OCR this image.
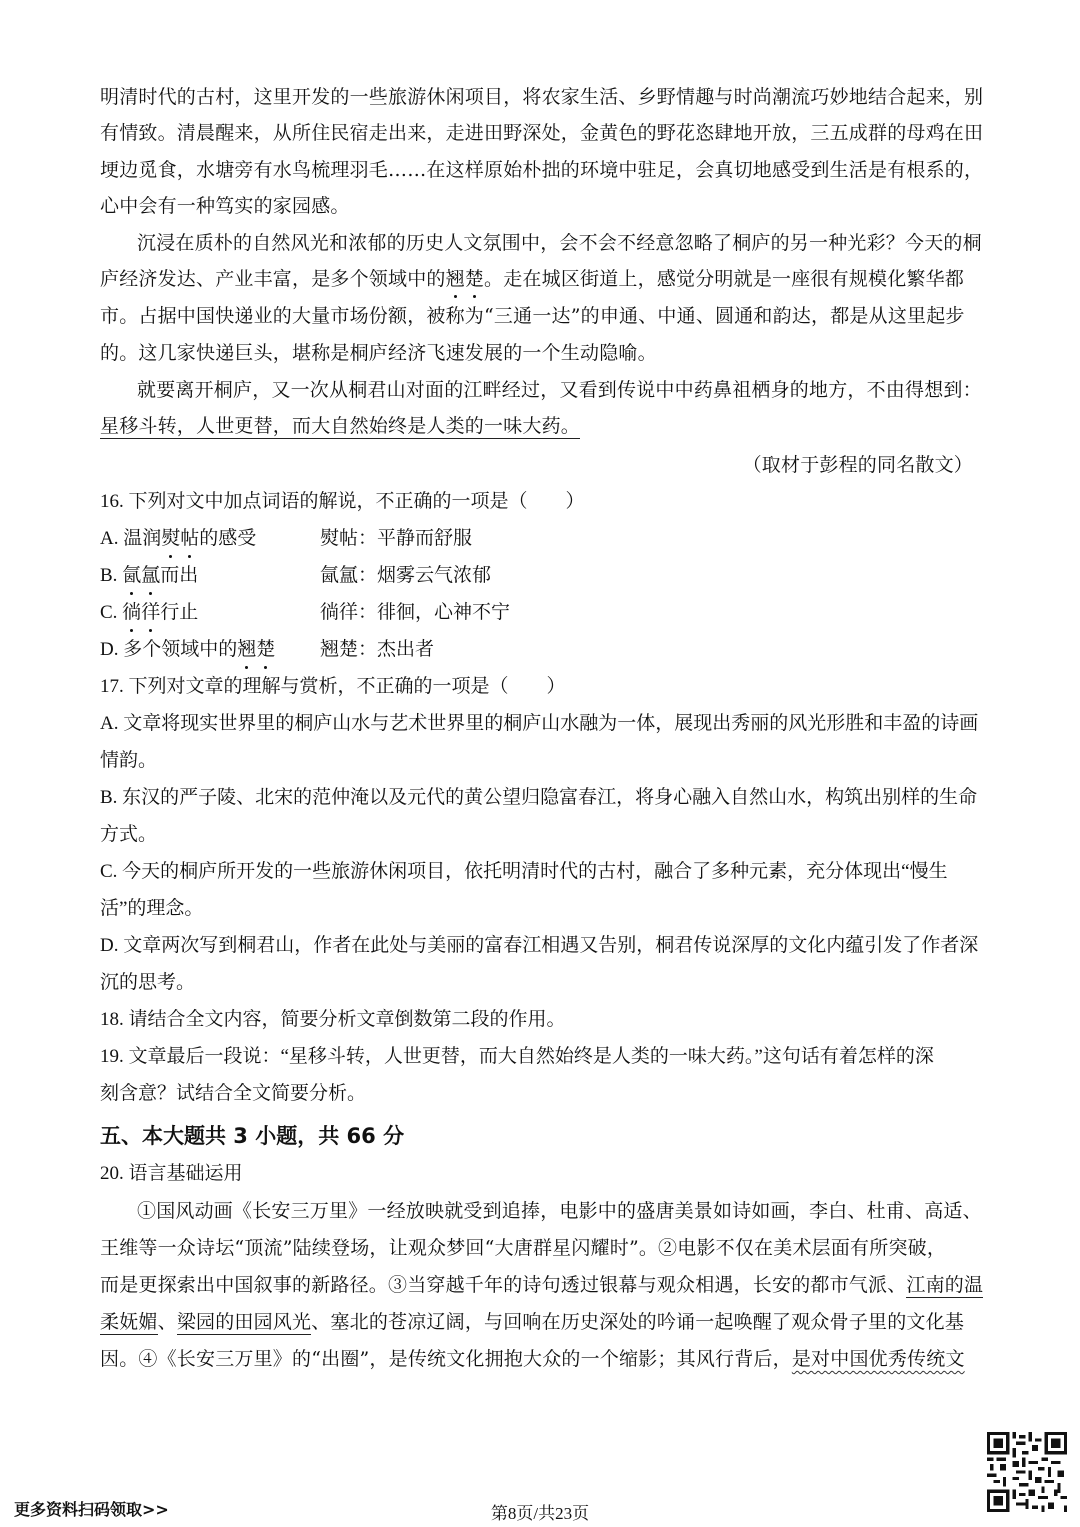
明清时代的古村，这里开发的一些旅游休闲项目，将农家生活、乡野情趣与时尚潮流巧妙地结合起来，别
有情致。清晨醒来，从所住民宿走出来，走进田野深处，金黄色的野花恣肆地开放，三五成群的母鸡在田
埂边觅食，水塘旁有水鸟梳理羽毛……在这样原始朴拙的环境中驻足，会真切地感受到生活是有根系的，
心中会有一种笃实的家园感。
沉浸在质朴的自然风光和浓郁的历史人文氛围中，会不会不经意忽略了桐庐的另一种光彩？今天的桐
庐经济发达、产业丰富，是多个领域中的翘楚。走在城区街道上，感觉分明就是一座很有规模化繁华都
市。占据中国快递业的大量市场份额，被称为“三通一达”的申通、中通、圆通和韵达，都是从这里起步
的。这几家快递巨头，堪称是桐庐经济飞速发展的一个生动隐喻。
就要离开桐庐，又一次从桐君山对面的江畔经过，又看到传说中中药鼻祖栖身的地方，不由得想到：
星移斗转，人世更替，而大自然始终是人类的一味大药。
（取材于彭程的同名散文）
16. 下列对文中加点词语的解说，不正确的一项是（　　）
A. 温润熨帖的感受	熨帖：平静而舒服
B. 氤氲而出	氤氲：烟雾云气浓郁
C. 徜徉行止	徜徉：徘徊，心神不宁
D. 多个领域中的翘楚 翘楚：杰出者
17. 下列对文章的理解与赏析，不正确的一项是（　　）
A. 文章将现实世界里的桐庐山水与艺术世界里的桐庐山水融为一体，展现出秀丽的风光形胜和丰盈的诗画
情韵。
B. 东汉的严子陵、北宋的范仲淹以及元代的黄公望归隐富春江，将身心融入自然山水，构筑出别样的生命
方式。
C. 今天的桐庐所开发的一些旅游休闲项目，依托明清时代的古村，融合了多种元素，充分体现出“慢生
活”的理念。
D. 文章两次写到桐君山，作者在此处与美丽的富春江相遇又告别，桐君传说深厚的文化内蕴引发了作者深
沉的思考。
18. 请结合全文内容，简要分析文章倒数第二段的作用。
19. 文章最后一段说：“星移斗转，人世更替，而大自然始终是人类的一味大药。”这句话有着怎样的深
刻含意？试结合全文简要分析。
五、本大题共 3 小题，共 66 分
20. 语言基础运用
①国风动画《长安三万里》一经放映就受到追捧，电影中的盛唐美景如诗如画，李白、杜甫、高适、
王维等一众诗坛“顶流”陆续登场，让观众梦回“大唐群星闪耀时”。②电影不仅在美术层面有所突破，
而是更探索出中国叙事的新路径。③当穿越千年的诗句透过银幕与观众相遇，长安的都市气派、江南的温
柔妩媚、梁园的田园风光、塞北的苍凉辽阔，与回响在历史深处的吟诵一起唤醒了观众骨子里的文化基
因。④《长安三万里》的“出圈”，是传统文化拥抱大众的一个缩影；其风行背后，是对中国优秀传统文
更多资料扫码领取>>	第8页/共23页
